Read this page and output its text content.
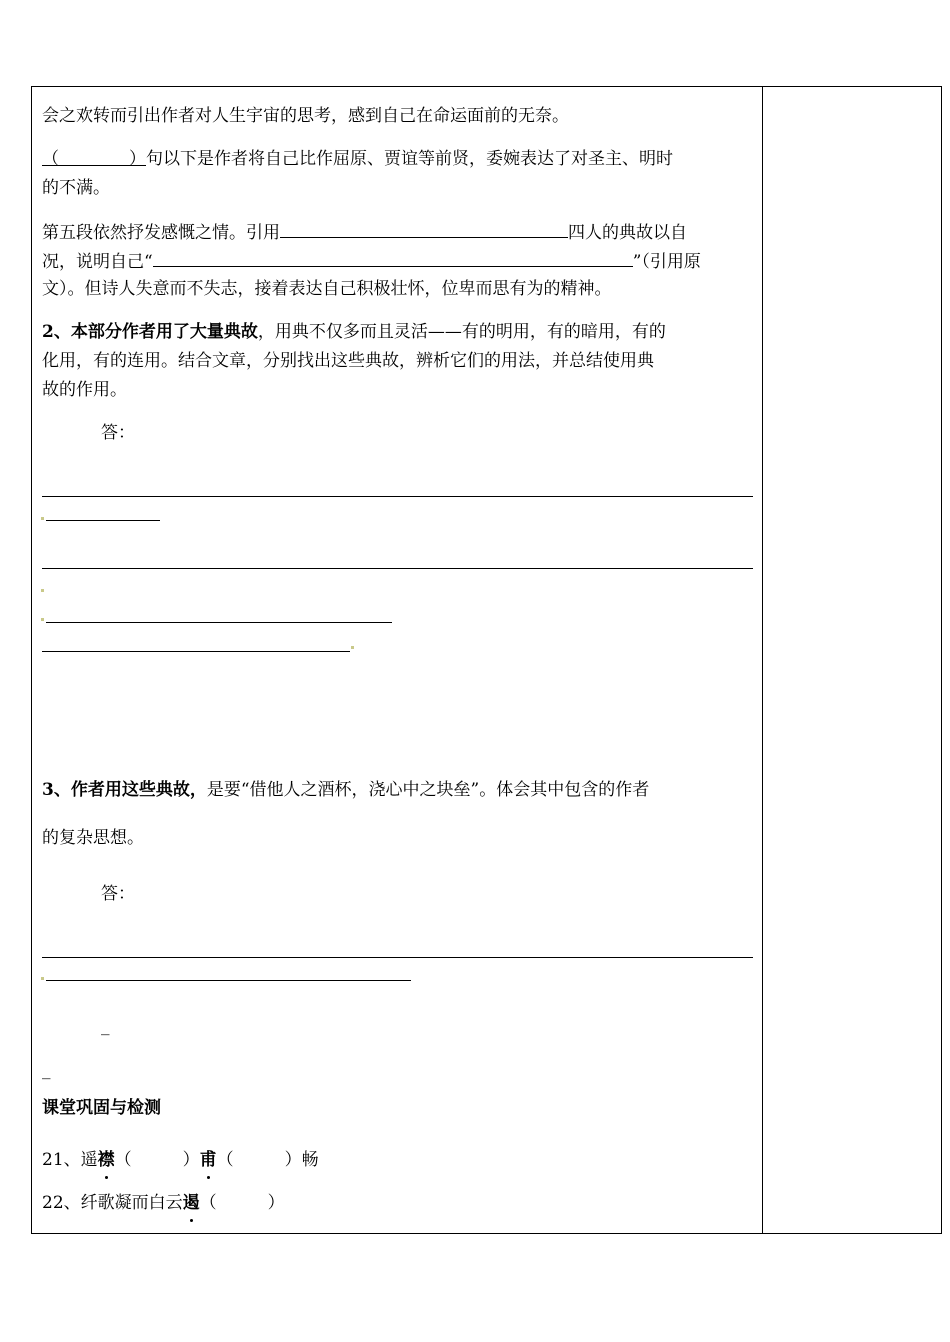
会之欢转而引出作者对人生宇宙的思考，感到自己在命运面前的无奈。
（	）句以下是作者将自己比作屈原、贾谊等前贤，委婉表达了对圣主、明时
的不满。
第五段依然抒发感慨之情。引用	四人的典故以自
况，说明自己“	”（引用原
文）。但诗人失意而不失志，接着表达自己积极壮怀，位卑而思有为的精神。
2、本部分作者用了大量典故，用典不仅多而且灵活——有的明用，有的暗用，有的
化用，有的连用。结合文章，分别找出这些典故，辨析它们的用法，并总结使用典
故的作用。
答：
3、作者用这些典故，是要“借他人之酒杯，浇心中之块垒”。体会其中包含的作者
的复杂思想。
答：
_
_
课堂巩固与检测
21、遥襟（　　　）甫（　　　）畅
22、纤歌凝而白云遏（　　　）
